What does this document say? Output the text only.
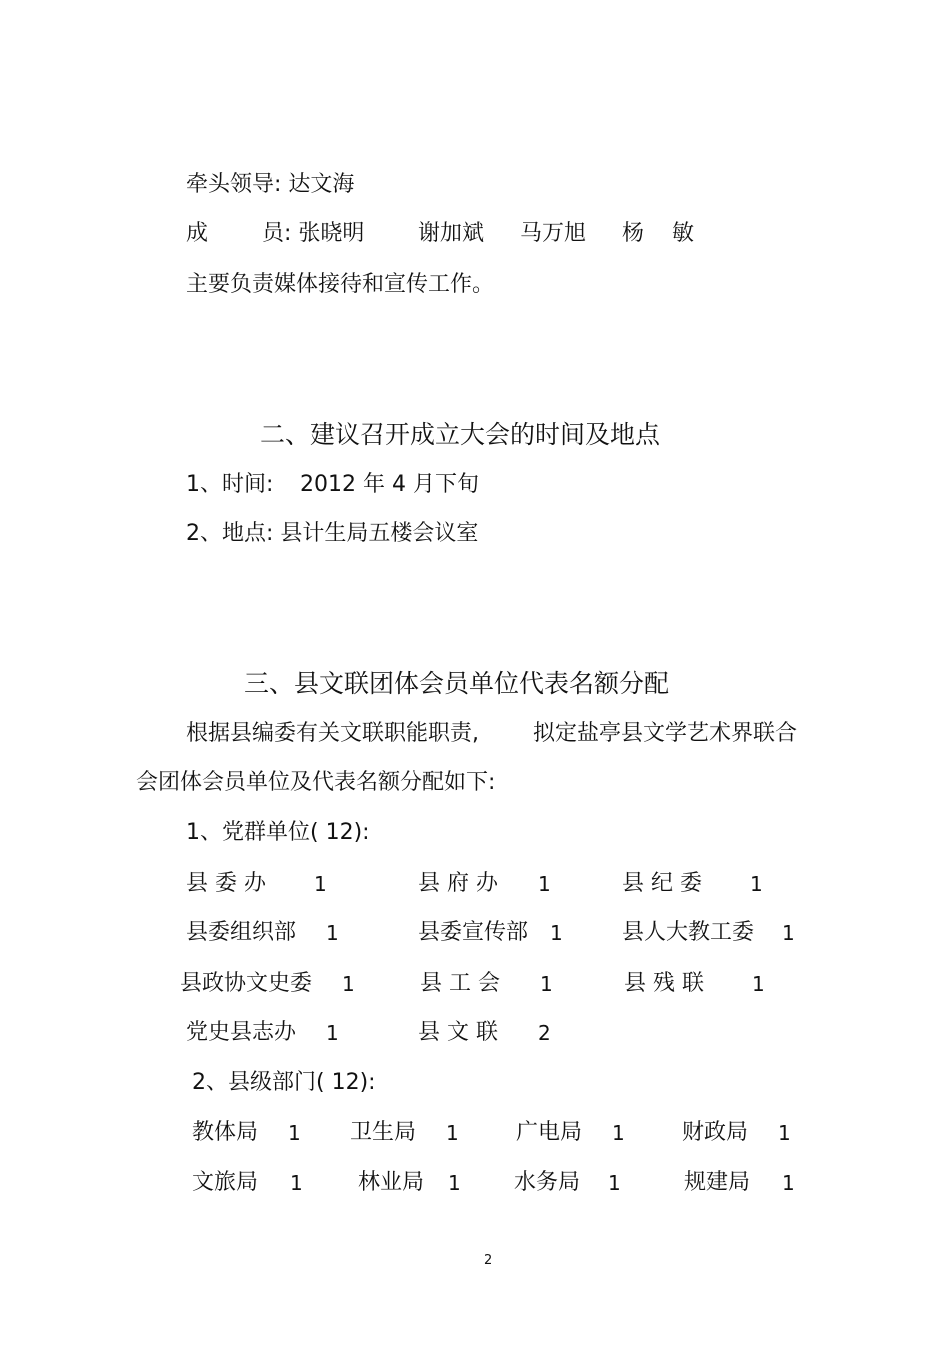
牵头领导: 达文海
成 员: 张晓明 谢加斌 马万旭 杨 敏
主要负责媒体接待和宣传工作。
二、建议召开成立大会的时间及地点
1、时间: 2012 年 4 月下旬
2、地点: 县计生局五楼会议室
三、县文联团体会员单位代表名额分配
根据县编委有关文联职能职责, 拟定盐亭县文学艺术界联合
会团体会员单位及代表名额分配如下:
1、党群单位( 12):
县 委 办 1	县 府 办 1	县 纪 委 1
县委组织部 1	县委宣传部 1	县人大教工委 1
县政协文史委 1	县 工 会 1	县 残 联 1
党史县志办 1	县 文 联 2
2、县级部门( 12):
教体局 1 卫生局 1	广电局 1	财政局 1
文旅局 1	林业局 1 水务局 1	规建局 1
2
